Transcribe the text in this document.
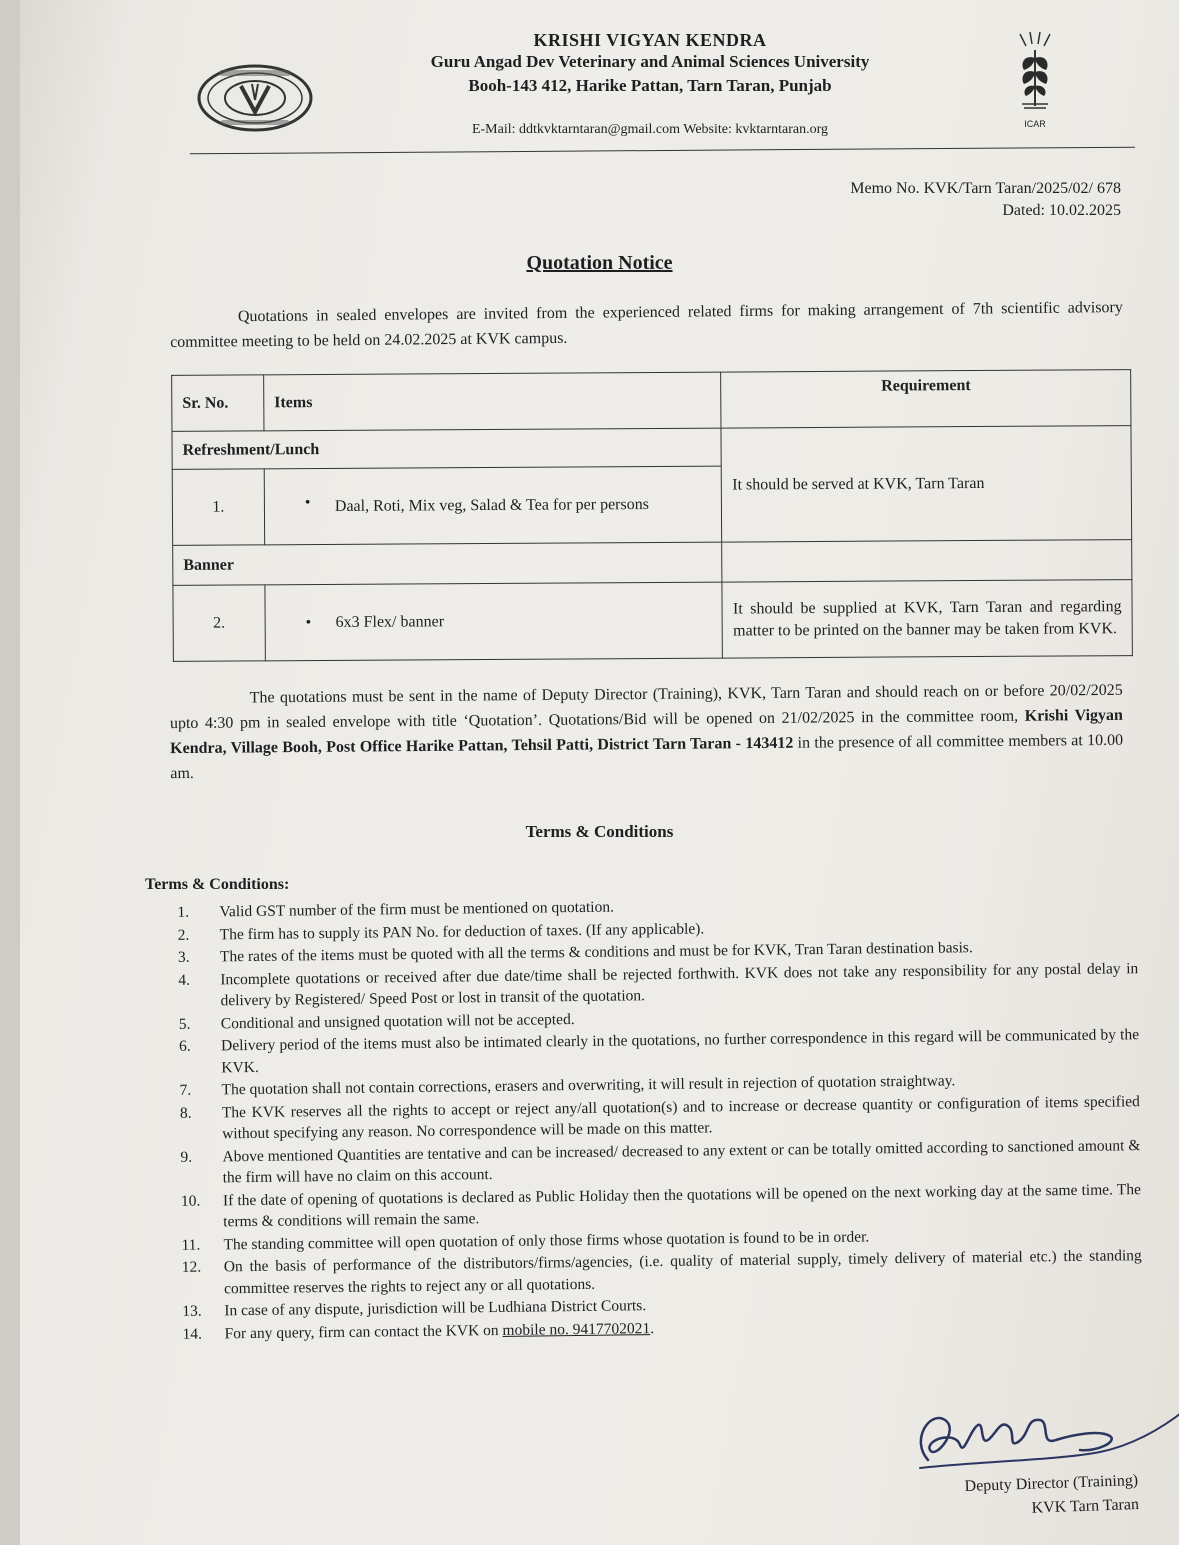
ICAR
KRISHI VIGYAN KENDRA
Guru Angad Dev Veterinary and Animal Sciences University
Booh-143 412, Harike Pattan, Tarn Taran, Punjab
E-Mail: ddtkvktarntaran@gmail.com Website: kvktarntaran.org
Memo No. KVK/Tarn Taran/2025/02/ 678
Dated: 10.02.2025
Quotation Notice
Quotations in sealed envelopes are invited from the experienced related firms for making arrangement of 7th scientific advisory committee meeting to be held on 24.02.2025 at KVK campus.
Sr. No.	Items	Requirement
Refreshment/Lunch		It should be served at KVK, Tarn Taran
1.	• Daal, Roti, Mix veg, Salad & Tea for per persons	

Banner		
2.	• 6x3 Flex/ banner	It should be supplied at KVK, Tarn Taran and regarding matter to be printed on the banner may be taken from KVK.
The quotations must be sent in the name of Deputy Director (Training), KVK, Tarn Taran and should reach on or before 20/02/2025 upto 4:30 pm in sealed envelope with title ‘Quotation’. Quotations/Bid will be opened on 21/02/2025 in the committee room, Krishi Vigyan Kendra, Village Booh, Post Office Harike Pattan, Tehsil Patti, District Tarn Taran - 143412 in the presence of all committee members at 10.00 am.
Terms & Conditions
Terms & Conditions:
1.	Valid GST number of the firm must be mentioned on quotation.
2.	The firm has to supply its PAN No. for deduction of taxes. (If any applicable).
3.	The rates of the items must be quoted with all the terms & conditions and must be for KVK, Tran Taran destination basis.
4.	Incomplete quotations or received after due date/time shall be rejected forthwith. KVK does not take any responsibility for any postal delay in delivery by Registered/ Speed Post or lost in transit of the quotation.
5.	Conditional and unsigned quotation will not be accepted.
6.	Delivery period of the items must also be intimated clearly in the quotations, no further correspondence in this regard will be communicated by the KVK.
7.	The quotation shall not contain corrections, erasers and overwriting, it will result in rejection of quotation straightway.
8.	The KVK reserves all the rights to accept or reject any/all quotation(s) and to increase or decrease quantity or configuration of items specified without specifying any reason. No correspondence will be made on this matter.
9.	Above mentioned Quantities are tentative and can be increased/ decreased to any extent or can be totally omitted according to sanctioned amount & the firm will have no claim on this account.
10.	If the date of opening of quotations is declared as Public Holiday then the quotations will be opened on the next working day at the same time. The terms & conditions will remain the same.
11.	The standing committee will open quotation of only those firms whose quotation is found to be in order.
12.	On the basis of performance of the distributors/firms/agencies, (i.e. quality of material supply, timely delivery of material etc.) the standing committee reserves the rights to reject any or all quotations.
13.	In case of any dispute, jurisdiction will be Ludhiana District Courts.
14.	For any query, firm can contact the KVK on mobile no. 9417702021.
Deputy Director (Training)
KVK Tarn Taran
